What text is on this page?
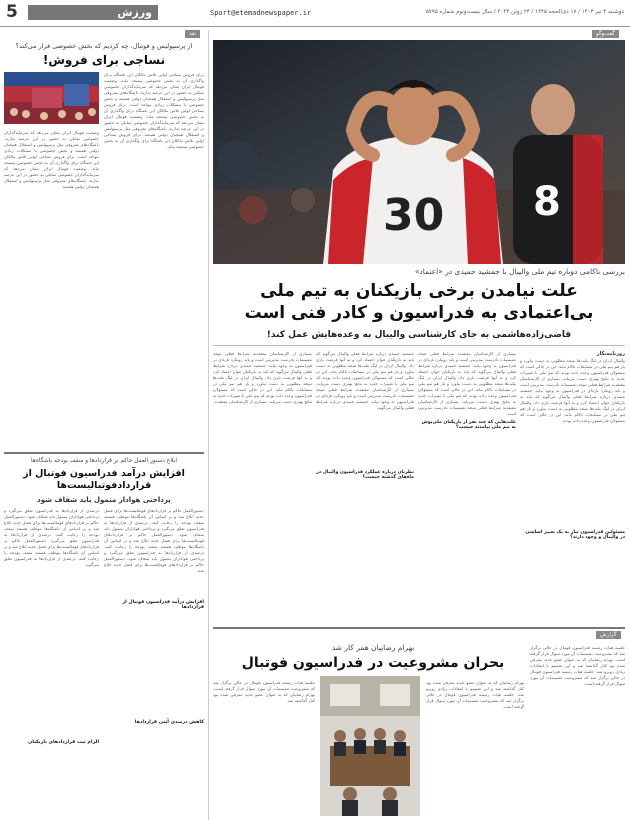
5	ورزش	Sport@etemadnewspaper.ir	دوشنبه ۴ تیر ۱۴۰۳ / ۱۷ ذی‌الحجه ۱۴۴۵ / ۲۴ ژوئن ۲۰۲۴ / سال بیست‌ونوم شماره ۵۷۹۵
گفت‌وگو
8
30
بررسی ناکامی دوباره تیم ملی والیبال با جمشید حمیدی در «اعتماد»
علت نیامدن برخی بازیکنان به تیم ملی بی‌اعتمادی به فدراسیون و کادر فنی است
قاضی‌زاده‌هاشمی به جای کارشناسی والیبال به وعده‌هایش عمل کند!
روزنامه‌نگار
والیبال ایران در لیگ ملت‌ها نتیجه مطلوبی به دست نیاورد و باز هم تیم ملی در مسابقات ناکام ماند. این در حالی است که مسئولان فدراسیون وعده داده بودند که تیم ملی با تغییرات جدید به نتایج بهتری دست می‌یابد. بسیاری از کارشناسان معتقدند شرایط فعلی نتیجه تصمیمات نادرست مدیریتی است و باید رویکرد تازه‌ای در فدراسیون به وجود بیاید. جمشید حمیدی درباره شرایط فعلی والیبال می‌گوید که باید به بازیکنان جوان اعتماد کرد و به آنها فرصت بازی داد. والیبال ایران در لیگ ملت‌ها نتیجه مطلوبی به دست نیاورد و باز هم تیم ملی در مسابقات ناکام ماند. این در حالی است که مسئولان فدراسیون وعده داده بودند.
مسئولین فدراسیون نیاز به یک تغییر اساسی در والیبال و وجود دارند؟
بسیاری از کارشناسان معتقدند شرایط فعلی نتیجه تصمیمات نادرست مدیریتی است و باید رویکرد تازه‌ای در فدراسیون به وجود بیاید. جمشید حمیدی درباره شرایط فعلی والیبال می‌گوید که باید به بازیکنان جوان اعتماد کرد و به آنها فرصت بازی داد. والیبال ایران در لیگ ملت‌ها نتیجه مطلوبی به دست نیاورد و باز هم تیم ملی در مسابقات ناکام ماند. این در حالی است که مسئولان فدراسیون وعده داده بودند که تیم ملی با تغییرات جدید به نتایج بهتری دست می‌یابد. بسیاری از کارشناسان معتقدند شرایط فعلی نتیجه تصمیمات نادرست مدیریتی است.
علت‌هایی که چند نفر از بازیکنان ملی‌پوش به تیم ملی نیامدند چیست؟
جمشید حمیدی درباره شرایط فعلی والیبال می‌گوید که باید به بازیکنان جوان اعتماد کرد و به آنها فرصت بازی داد. والیبال ایران در لیگ ملت‌ها نتیجه مطلوبی به دست نیاورد و باز هم تیم ملی در مسابقات ناکام ماند. این در حالی است که مسئولان فدراسیون وعده داده بودند که تیم ملی با تغییرات جدید به نتایج بهتری دست می‌یابد. بسیاری از کارشناسان معتقدند شرایط فعلی نتیجه تصمیمات نادرست مدیریتی است و باید رویکرد تازه‌ای در فدراسیون به وجود بیاید. جمشید حمیدی درباره شرایط فعلی والیبال می‌گوید.
نظرتان درباره عملکرد فدراسیون والیبال در ماه‌های گذشته چیست؟
بسیاری از کارشناسان معتقدند شرایط فعلی نتیجه تصمیمات نادرست مدیریتی است و باید رویکرد تازه‌ای در فدراسیون به وجود بیاید. جمشید حمیدی درباره شرایط فعلی والیبال می‌گوید که باید به بازیکنان جوان اعتماد کرد و به آنها فرصت بازی داد. والیبال ایران در لیگ ملت‌ها نتیجه مطلوبی به دست نیاورد و باز هم تیم ملی در مسابقات ناکام ماند. این در حالی است که مسئولان فدراسیون وعده داده بودند که تیم ملی با تغییرات جدید به نتایج بهتری دست می‌یابد. بسیاری از کارشناسان معتقدند.
گزارش
بهرام رضاییان همر کار شد
بحران مشروعیت در فدراسیون فوتبال
جلسه هیات رئیسه فدراسیون فوتبال در حالی برگزار شد که مشروعیت تصمیمات آن مورد سوال قرار گرفته است. بهرام رضاییان که به عنوان عضو جدید معرفی شده بود کنار گذاشته شد و این تصمیم با انتقادات زیادی روبرو شد. جلسه هیات رئیسه فدراسیون فوتبال در حالی برگزار شد که مشروعیت تصمیمات آن مورد سوال قرار گرفته است.
بهرام رضاییان که به عنوان عضو جدید معرفی شده بود کنار گذاشته شد و این تصمیم با انتقادات زیادی روبرو شد. جلسه هیات رئیسه فدراسیون فوتبال در حالی برگزار شد که مشروعیت تصمیمات آن مورد سوال قرار گرفته است.
جلسه هیات رئیسه فدراسیون فوتبال در حالی برگزار شد که مشروعیت تصمیمات آن مورد سوال قرار گرفته است. بهرام رضاییان که به عنوان عضو جدید معرفی شده بود کنار گذاشته شد.
نقد
از پرسپولیس و فوتبال، چه کردیم که بخش خصوصی فرار می‌کند؟
نساجی برای فروش!
برای فروش نساجی اولین تلاش مالکان این باشگاه برای واگذاری آن به بخش خصوصی بینتیجه ماند. وضعیت فوتبال ایران نشان می‌دهد که سرمایه‌گذاران خصوصی تمایلی به حضور در این عرصه ندارند. باشگاه‌های معروفی مثل پرسپولیس و استقلال همچنان دولتی هستند و بخش خصوصی با مشکلات زیادی مواجه است. برای فروش نساجی اولین تلاش مالکان این باشگاه برای واگذاری آن به بخش خصوصی بینتیجه ماند. وضعیت فوتبال ایران نشان می‌دهد که سرمایه‌گذاران خصوصی تمایلی به حضور در این عرصه ندارند. باشگاه‌های معروفی مثل پرسپولیس و استقلال همچنان دولتی هستند. برای فروش نساجی اولین تلاش مالکان این باشگاه برای واگذاری آن به بخش خصوصی بینتیجه ماند.
وضعیت فوتبال ایران نشان می‌دهد که سرمایه‌گذاران خصوصی تمایلی به حضور در این عرصه ندارند. باشگاه‌های معروفی مثل پرسپولیس و استقلال همچنان دولتی هستند و بخش خصوصی با مشکلات زیادی مواجه است. برای فروش نساجی اولین تلاش مالکان این باشگاه برای واگذاری آن به بخش خصوصی بینتیجه ماند. وضعیت فوتبال ایران نشان می‌دهد که سرمایه‌گذاران خصوصی تمایلی به حضور در این عرصه ندارند. باشگاه‌های معروفی مثل پرسپولیس و استقلال همچنان دولتی هستند.
ابلاغ دستور العمل حاکم بر قراردادها و سقف بودجه باشگاه‌ها
افزایش درآمد فدراسیون فوتبال از قراردادفوتبالیست‌ها
پرداختی هوادار متمول باید شفاف شود
دستورالعمل حاکم بر قراردادهای فوتبالیست‌ها برای فصل جدید ابلاغ شد و بر اساس آن باشگاه‌ها موظف هستند سقف بودجه را رعایت کنند. درصدی از قراردادها به فدراسیون تعلق می‌گیرد و پرداختی هواداران متمول باید شفاف شود. دستورالعمل حاکم بر قراردادهای فوتبالیست‌ها برای فصل جدید ابلاغ شد و بر اساس آن باشگاه‌ها موظف هستند سقف بودجه را رعایت کنند. درصدی از قراردادها به فدراسیون تعلق می‌گیرد و پرداختی هواداران متمول باید شفاف شود. دستورالعمل حاکم بر قراردادهای فوتبالیست‌ها برای فصل جدید ابلاغ شد.
افزایش درآمد فدراسیون فوتبال از قراردادها
کاهش درصدی آیتی قراردادها
درصدی از قراردادها به فدراسیون تعلق می‌گیرد و پرداختی هواداران متمول باید شفاف شود. دستورالعمل حاکم بر قراردادهای فوتبالیست‌ها برای فصل جدید ابلاغ شد و بر اساس آن باشگاه‌ها موظف هستند سقف بودجه را رعایت کنند. درصدی از قراردادها به فدراسیون تعلق می‌گیرد. دستورالعمل حاکم بر قراردادهای فوتبالیست‌ها برای فصل جدید ابلاغ شد و بر اساس آن باشگاه‌ها موظف هستند سقف بودجه را رعایت کنند. درصدی از قراردادها به فدراسیون تعلق می‌گیرد.
الزام ثبت قراردادهای بازیکنان
